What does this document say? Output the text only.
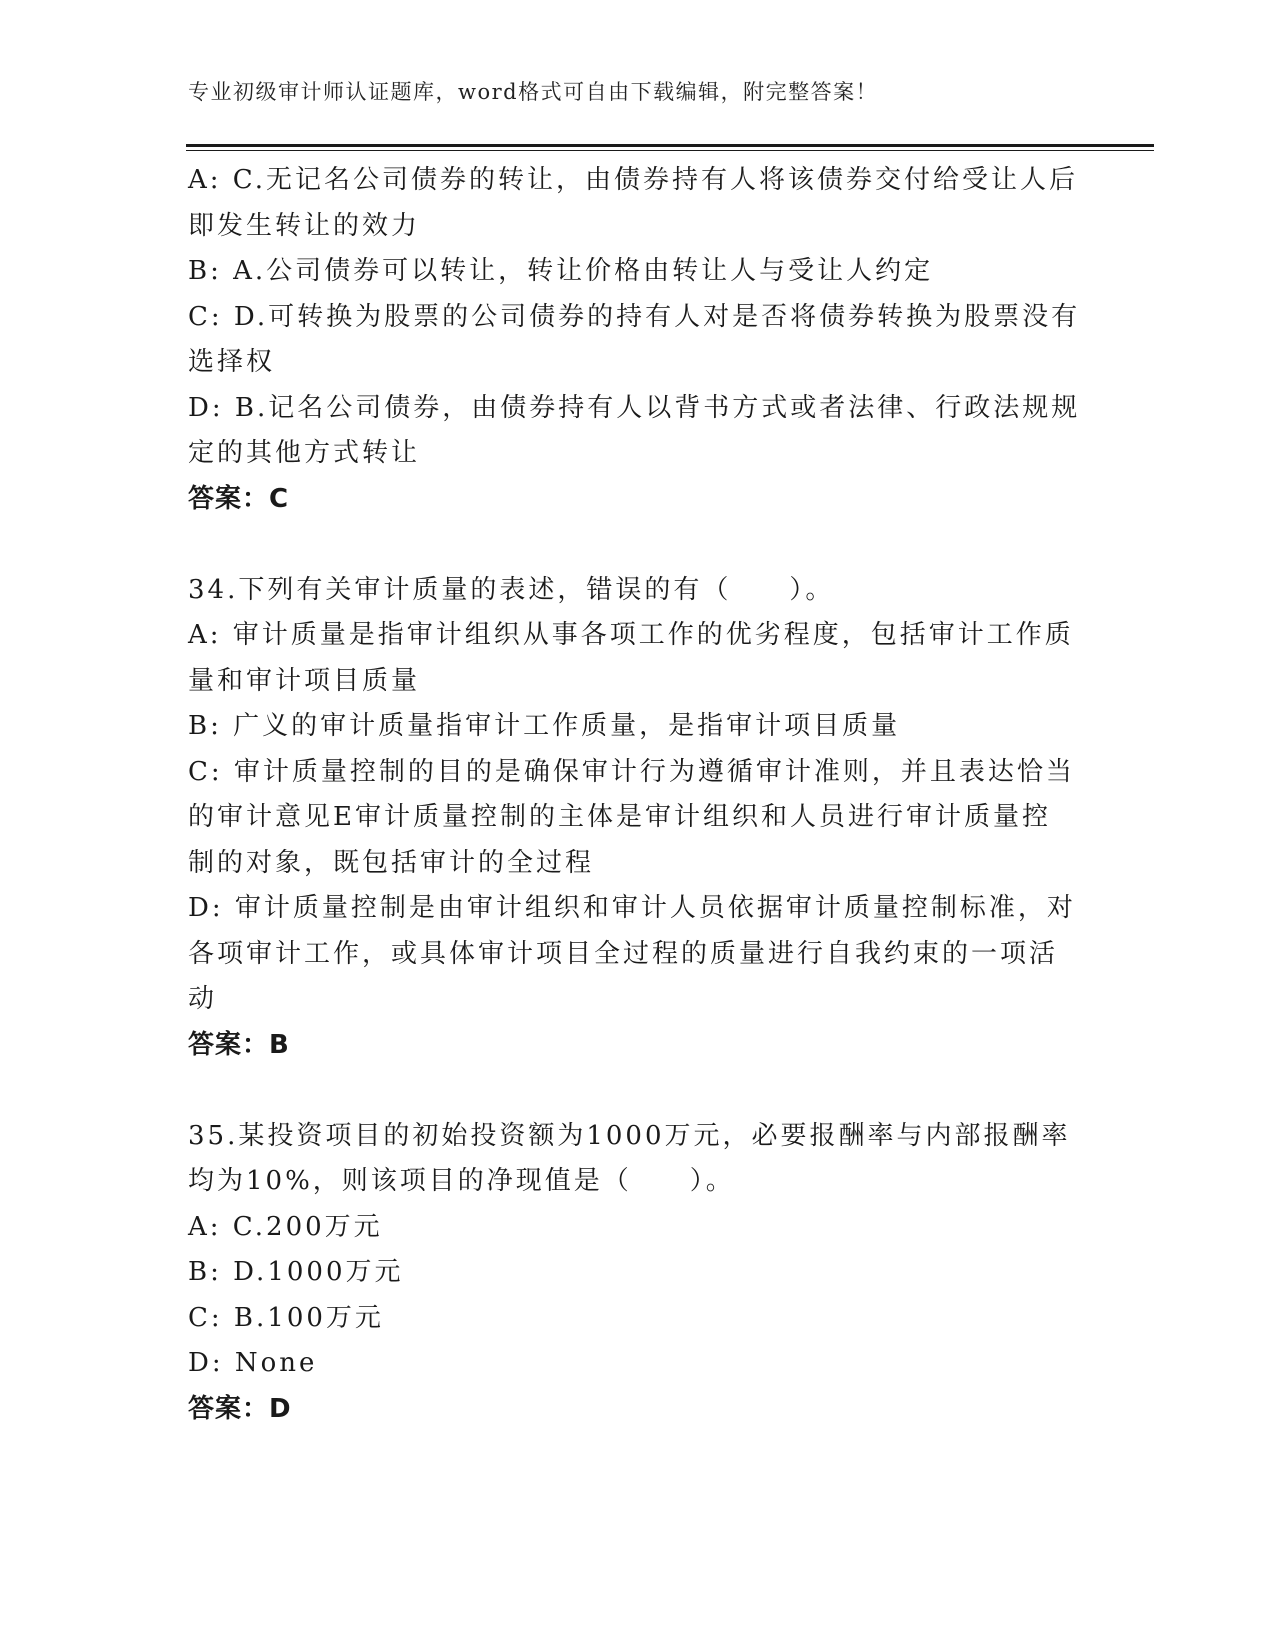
专业初级审计师认证题库，word格式可自由下载编辑，附完整答案！
A: C.无记名公司债券的转让，由债券持有人将该债券交付给受让人后
即发生转让的效力
B: A.公司债券可以转让，转让价格由转让人与受让人约定
C: D.可转换为股票的公司债券的持有人对是否将债券转换为股票没有
选择权
D: B.记名公司债券，由债券持有人以背书方式或者法律、行政法规规
定的其他方式转让
答案：C
34.下列有关审计质量的表述，错误的有（　　）。
A: 审计质量是指审计组织从事各项工作的优劣程度，包括审计工作质
量和审计项目质量
B: 广义的审计质量指审计工作质量，是指审计项目质量
C: 审计质量控制的目的是确保审计行为遵循审计准则，并且表达恰当
的审计意见E审计质量控制的主体是审计组织和人员进行审计质量控
制的对象，既包括审计的全过程
D: 审计质量控制是由审计组织和审计人员依据审计质量控制标准，对
各项审计工作，或具体审计项目全过程的质量进行自我约束的一项活
动
答案：B
35.某投资项目的初始投资额为1000万元，必要报酬率与内部报酬率
均为10%，则该项目的净现值是（　　）。
A: C.200万元
B: D.1000万元
C: B.100万元
D: None
答案：D
